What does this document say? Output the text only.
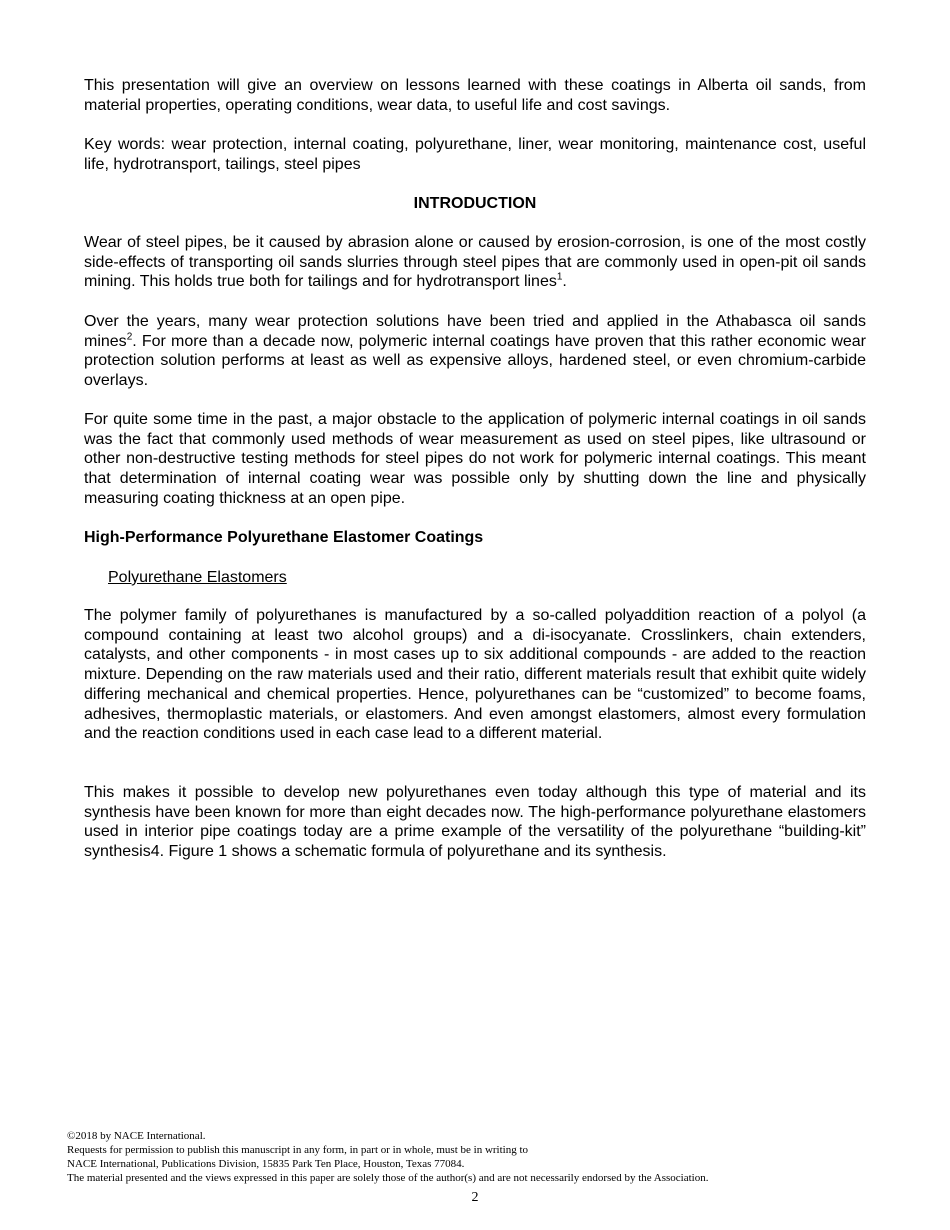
This presentation will give an overview on lessons learned with these coatings in Alberta oil sands, from material properties, operating conditions, wear data, to useful life and cost savings.

Key words: wear protection, internal coating, polyurethane, liner, wear monitoring, maintenance cost, useful life, hydrotransport, tailings, steel pipes

INTRODUCTION

Wear of steel pipes, be it caused by abrasion alone or caused by erosion-corrosion, is one of the most costly side-effects of transporting oil sands slurries through steel pipes that are commonly used in open-pit oil sands mining. This holds true both for tailings and for hydrotransport lines$^1$.

Over the years, many wear protection solutions have been tried and applied in the Athabasca oil sands mines$^2$. For more than a decade now, polymeric internal coatings have proven that this rather economic wear protection solution performs at least as well as expensive alloys, hardened steel, or even chromium-carbide overlays.

For quite some time in the past, a major obstacle to the application of polymeric internal coatings in oil sands was the fact that commonly used methods of wear measurement as used on steel pipes, like ultrasound or other non-destructive testing methods for steel pipes do not work for polymeric internal coatings. This meant that determination of internal coating wear was possible only by shutting down the line and physically measuring coating thickness at an open pipe.

High-Performance Polyurethane Elastomer Coatings
Polyurethane Elastomers

The polymer family of polyurethanes is manufactured by a so-called polyaddition reaction of a polyol (a compound containing at least two alcohol groups) and a di-isocyanate. Crosslinkers, chain extenders, catalysts, and other components - in most cases up to six additional compounds - are added to the reaction mixture. Depending on the raw materials used and their ratio, different materials result that exhibit quite widely differing mechanical and chemical properties. Hence, polyurethanes can be “customized” to become foams, adhesives, thermoplastic materials, or elastomers. And even amongst elastomers, almost every formulation and the reaction conditions used in each case lead to a different material.

This makes it possible to develop new polyurethanes even today although this type of material and its synthesis have been known for more than eight decades now. The high-performance polyurethane elastomers used in interior pipe coatings today are a prime example of the versatility of the polyurethane “building-kit” synthesis4. Figure 1 shows a schematic formula of polyurethane and its synthesis.

©2018 by NACE International.
Requests for permission to publish this manuscript in any form, in part or in whole, must be in writing to
NACE International, Publications Division, 15835 Park Ten Place, Houston, Texas 77084.
The material presented and the views expressed in this paper are solely those of the author(s) and are not necessarily endorsed by the Association.
2
